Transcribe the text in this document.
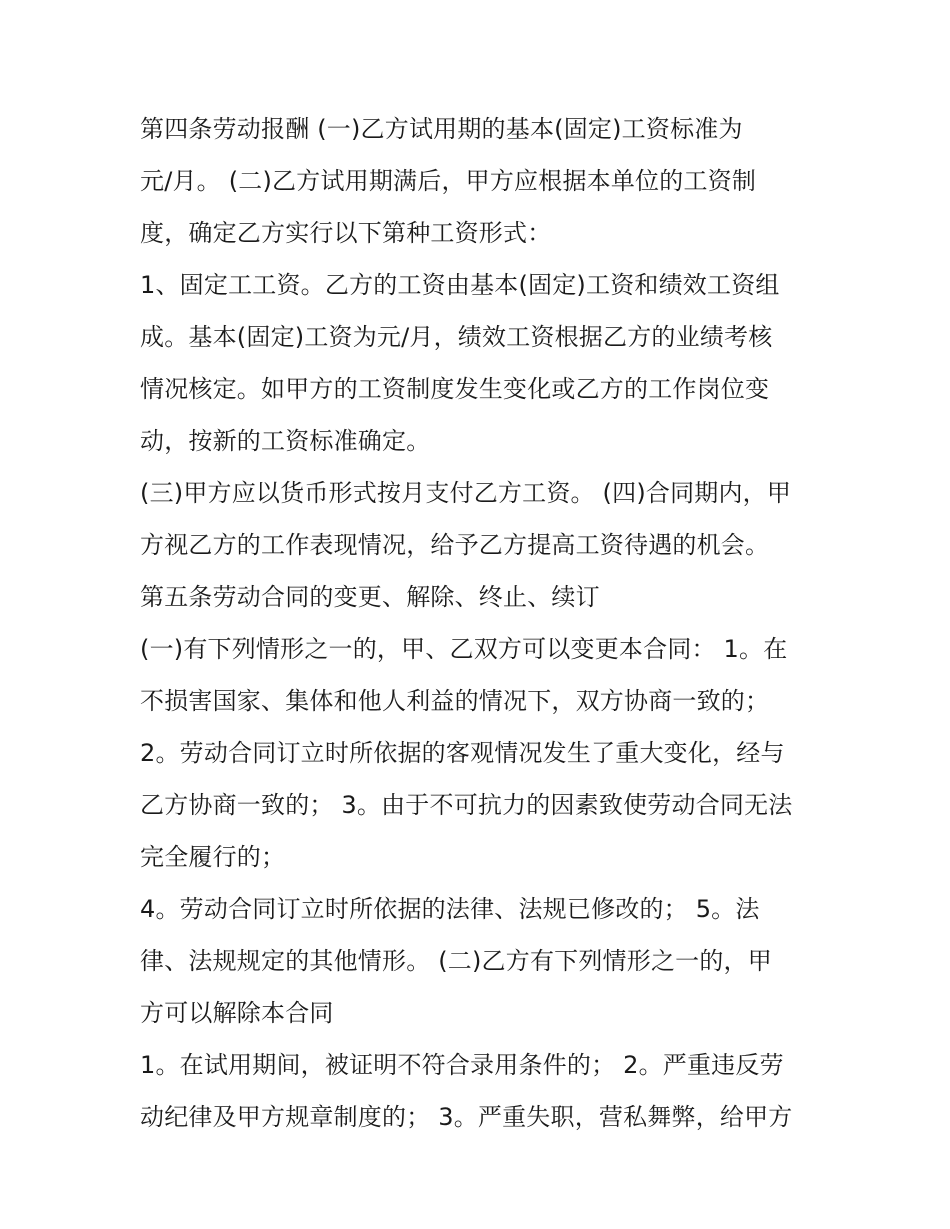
第四条劳动报酬 (一)乙方试用期的基本(固定)工资标准为
元/月。 (二)乙方试用期满后，甲方应根据本单位的工资制
度，确定乙方实行以下第种工资形式：
1、固定工工资。乙方的工资由基本(固定)工资和绩效工资组
成。基本(固定)工资为元/月，绩效工资根据乙方的业绩考核
情况核定。如甲方的工资制度发生变化或乙方的工作岗位变
动，按新的工资标准确定。
(三)甲方应以货币形式按月支付乙方工资。 (四)合同期内，甲
方视乙方的工作表现情况，给予乙方提高工资待遇的机会。
第五条劳动合同的变更、解除、终止、续订
(一)有下列情形之一的，甲、乙双方可以变更本合同： 1。在
不损害国家、集体和他人利益的情况下，双方协商一致的；
2。劳动合同订立时所依据的客观情况发生了重大变化，经与
乙方协商一致的； 3。由于不可抗力的因素致使劳动合同无法
完全履行的；
4。劳动合同订立时所依据的法律、法规已修改的； 5。法
律、法规规定的其他情形。 (二)乙方有下列情形之一的，甲
方可以解除本合同
1。在试用期间，被证明不符合录用条件的； 2。严重违反劳
动纪律及甲方规章制度的； 3。严重失职，营私舞弊，给甲方
